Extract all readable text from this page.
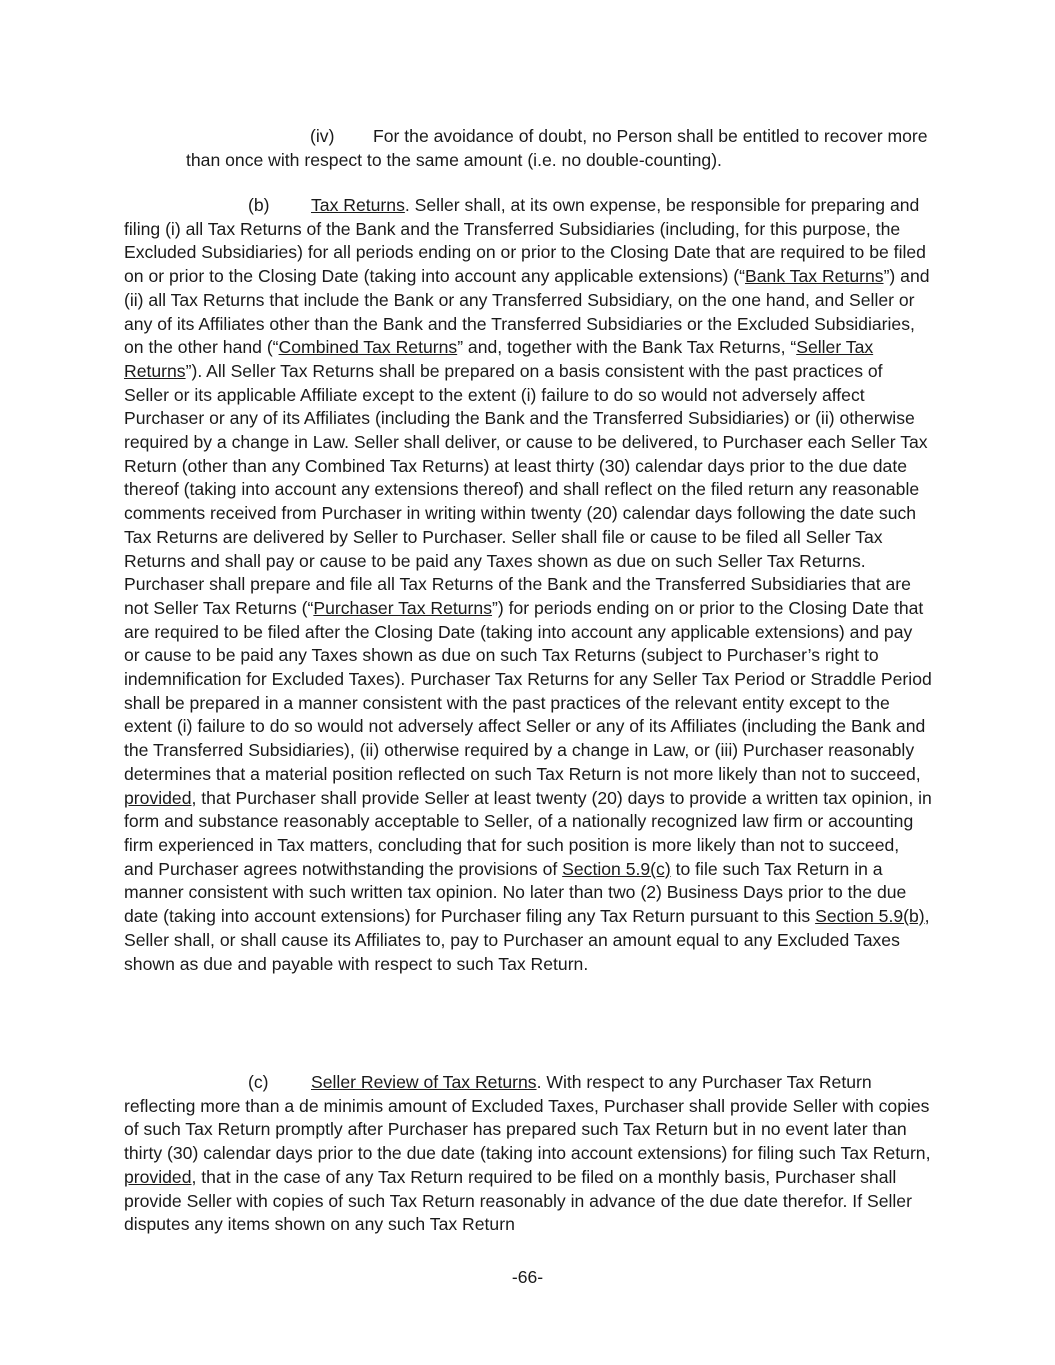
(iv) For the avoidance of doubt, no Person shall be entitled to recover more than once with respect to the same amount (i.e. no double-counting).

(b) Tax Returns. Seller shall, at its own expense, be responsible for preparing and filing (i) all Tax Returns of the Bank and the Transferred Subsidiaries (including, for this purpose, the Excluded Subsidiaries) for all periods ending on or prior to the Closing Date that are required to be filed on or prior to the Closing Date (taking into account any applicable extensions) (“Bank Tax Returns”) and (ii) all Tax Returns that include the Bank or any Transferred Subsidiary, on the one hand, and Seller or any of its Affiliates other than the Bank and the Transferred Subsidiaries or the Excluded Subsidiaries, on the other hand (“Combined Tax Returns” and, together with the Bank Tax Returns, “Seller Tax Returns”). All Seller Tax Returns shall be prepared on a basis consistent with the past practices of Seller or its applicable Affiliate except to the extent (i) failure to do so would not adversely affect Purchaser or any of its Affiliates (including the Bank and the Transferred Subsidiaries) or (ii) otherwise required by a change in Law. Seller shall deliver, or cause to be delivered, to Purchaser each Seller Tax Return (other than any Combined Tax Returns) at least thirty (30) calendar days prior to the due date thereof (taking into account any extensions thereof) and shall reflect on the filed return any reasonable comments received from Purchaser in writing within twenty (20) calendar days following the date such Tax Returns are delivered by Seller to Purchaser. Seller shall file or cause to be filed all Seller Tax Returns and shall pay or cause to be paid any Taxes shown as due on such Seller Tax Returns. Purchaser shall prepare and file all Tax Returns of the Bank and the Transferred Subsidiaries that are not Seller Tax Returns (“Purchaser Tax Returns”) for periods ending on or prior to the Closing Date that are required to be filed after the Closing Date (taking into account any applicable extensions) and pay or cause to be paid any Taxes shown as due on such Tax Returns (subject to Purchaser’s right to indemnification for Excluded Taxes). Purchaser Tax Returns for any Seller Tax Period or Straddle Period shall be prepared in a manner consistent with the past practices of the relevant entity except to the extent (i) failure to do so would not adversely affect Seller or any of its Affiliates (including the Bank and the Transferred Subsidiaries), (ii) otherwise required by a change in Law, or (iii) Purchaser reasonably determines that a material position reflected on such Tax Return is not more likely than not to succeed, provided, that Purchaser shall provide Seller at least twenty (20) days to provide a written tax opinion, in form and substance reasonably acceptable to Seller, of a nationally recognized law firm or accounting firm experienced in Tax matters, concluding that for such position is more likely than not to succeed, and Purchaser agrees notwithstanding the provisions of Section 5.9(c) to file such Tax Return in a manner consistent with such written tax opinion. No later than two (2) Business Days prior to the due date (taking into account extensions) for Purchaser filing any Tax Return pursuant to this Section 5.9(b), Seller shall, or shall cause its Affiliates to, pay to Purchaser an amount equal to any Excluded Taxes shown as due and payable with respect to such Tax Return.

(c) Seller Review of Tax Returns. With respect to any Purchaser Tax Return reflecting more than a de minimis amount of Excluded Taxes, Purchaser shall provide Seller with copies of such Tax Return promptly after Purchaser has prepared such Tax Return but in no event later than thirty (30) calendar days prior to the due date (taking into account extensions) for filing such Tax Return, provided, that in the case of any Tax Return required to be filed on a monthly basis, Purchaser shall provide Seller with copies of such Tax Return reasonably in advance of the due date therefor. If Seller disputes any items shown on any such Tax Return

-66-
